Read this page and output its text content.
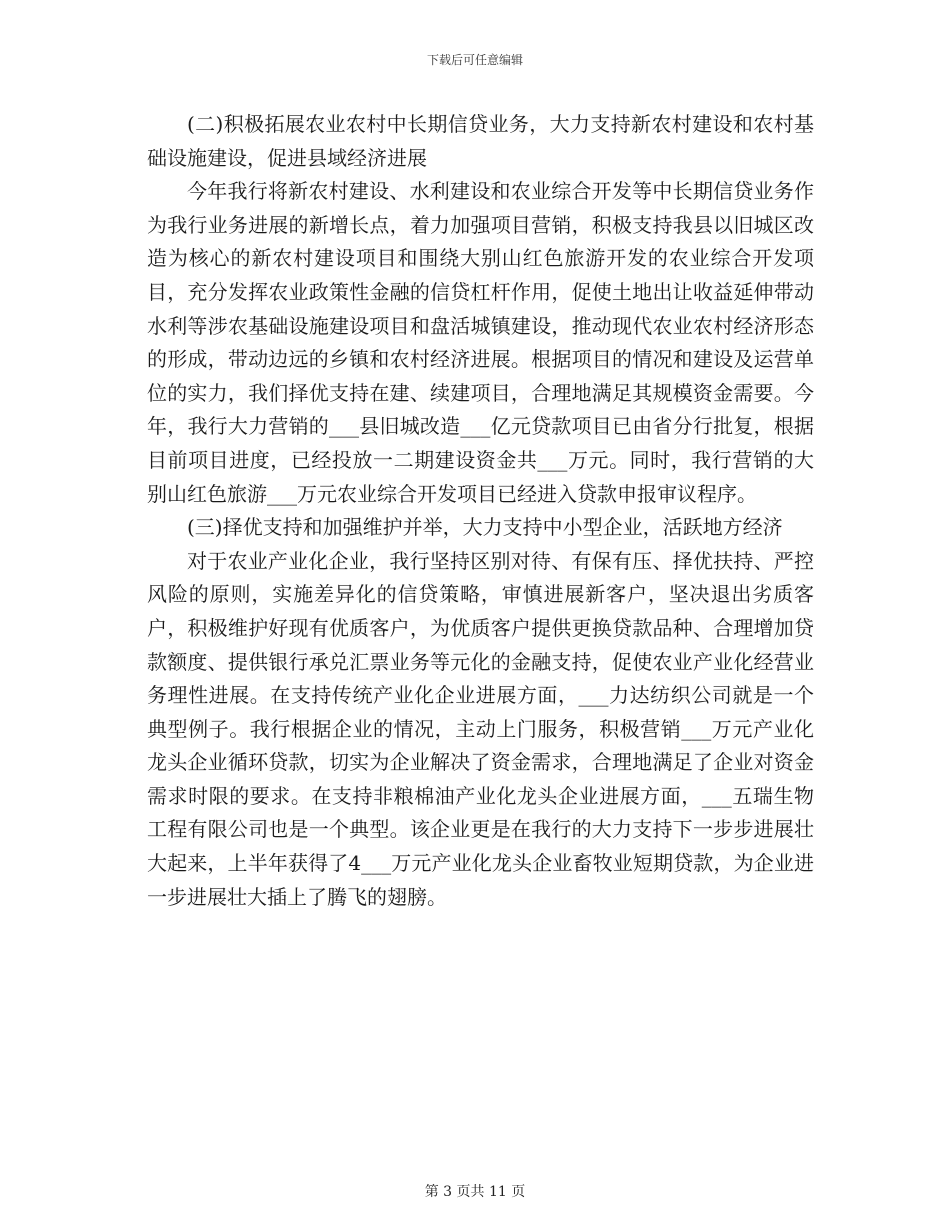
下载后可任意编辑

(二)积极拓展农业农村中长期信贷业务，大力支持新农村建设和农村基础设施建设，促进县域经济进展

今年我行将新农村建设、水利建设和农业综合开发等中长期信贷业务作为我行业务进展的新增长点，着力加强项目营销，积极支持我县以旧城区改造为核心的新农村建设项目和围绕大别山红色旅游开发的农业综合开发项目，充分发挥农业政策性金融的信贷杠杆作用，促使土地出让收益延伸带动水利等涉农基础设施建设项目和盘活城镇建设，推动现代农业农村经济形态的形成，带动边远的乡镇和农村经济进展。根据项目的情况和建设及运营单位的实力，我们择优支持在建、续建项目，合理地满足其规模资金需要。今年，我行大力营销的___县旧城改造___亿元贷款项目已由省分行批复，根据目前项目进度，已经投放一二期建设资金共___万元。同时，我行营销的大别山红色旅游___万元农业综合开发项目已经进入贷款申报审议程序。

(三)择优支持和加强维护并举，大力支持中小型企业，活跃地方经济

对于农业产业化企业，我行坚持区别对待、有保有压、择优扶持、严控风险的原则，实施差异化的信贷策略，审慎进展新客户，坚决退出劣质客户，积极维护好现有优质客户，为优质客户提供更换贷款品种、合理增加贷款额度、提供银行承兑汇票业务等元化的金融支持，促使农业产业化经营业务理性进展。在支持传统产业化企业进展方面，___力达纺织公司就是一个典型例子。我行根据企业的情况，主动上门服务，积极营销___万元产业化龙头企业循环贷款，切实为企业解决了资金需求，合理地满足了企业对资金需求时限的要求。在支持非粮棉油产业化龙头企业进展方面，___五瑞生物工程有限公司也是一个典型。该企业更是在我行的大力支持下一步步进展壮大起来，上半年获得了4___万元产业化龙头企业畜牧业短期贷款，为企业进一步进展壮大插上了腾飞的翅膀。

第 3 页共 11 页
